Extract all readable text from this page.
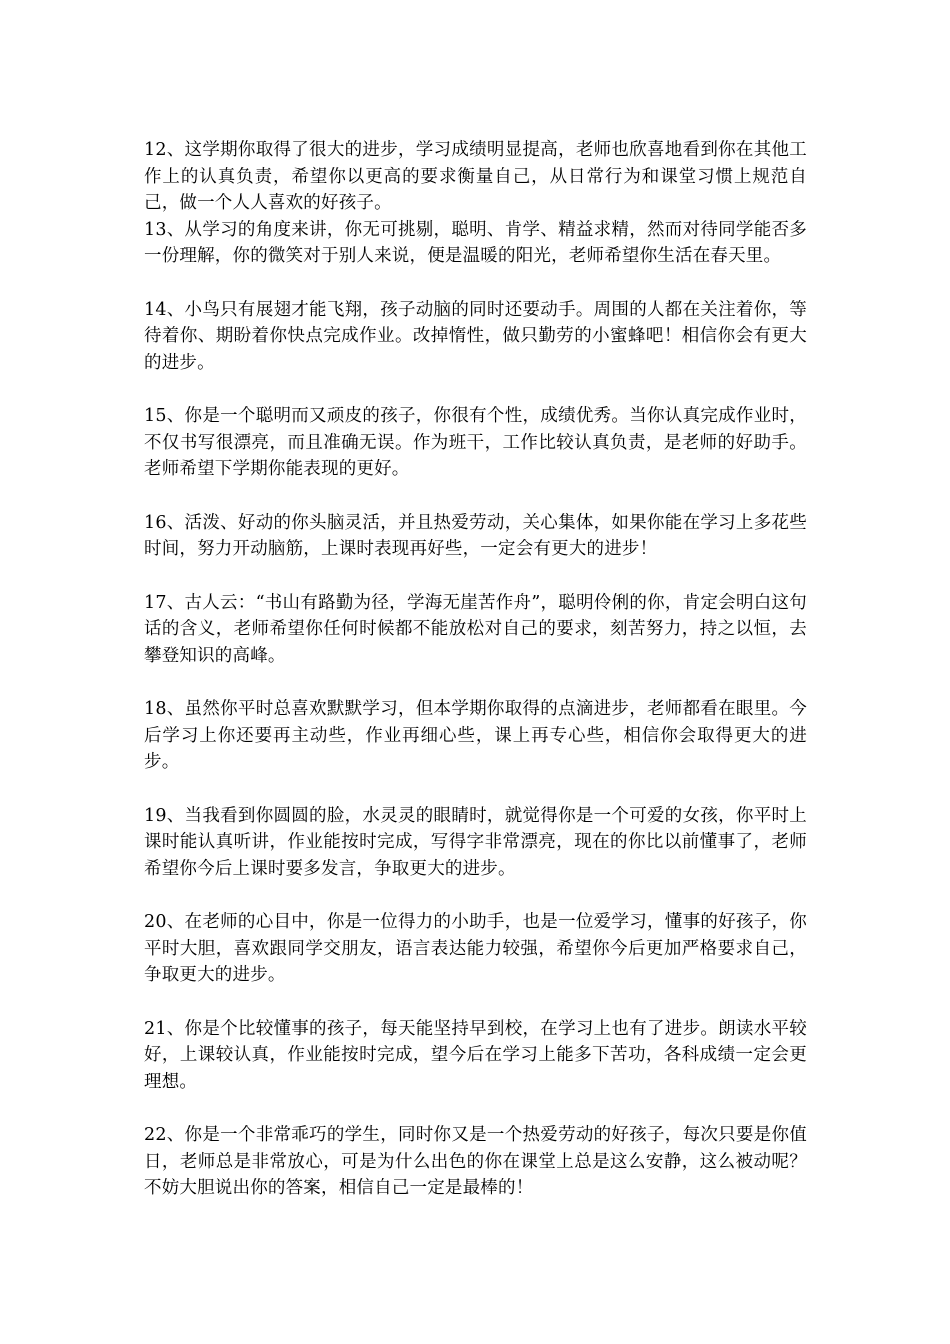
12、这学期你取得了很大的进步，学习成绩明显提高，老师也欣喜地看到你在其他工作上的认真负责，希望你以更高的要求衡量自己，从日常行为和课堂习惯上规范自己，做一个人人喜欢的好孩子。

13、从学习的角度来讲，你无可挑剔，聪明、肯学、精益求精，然而对待同学能否多一份理解，你的微笑对于别人来说，便是温暖的阳光，老师希望你生活在春天里。

14、小鸟只有展翅才能飞翔，孩子动脑的同时还要动手。周围的人都在关注着你，等待着你、期盼着你快点完成作业。改掉惰性，做只勤劳的小蜜蜂吧！相信你会有更大的进步。

15、你是一个聪明而又顽皮的孩子，你很有个性，成绩优秀。当你认真完成作业时，不仅书写很漂亮，而且准确无误。作为班干，工作比较认真负责，是老师的好助手。老师希望下学期你能表现的更好。

16、活泼、好动的你头脑灵活，并且热爱劳动，关心集体，如果你能在学习上多花些时间，努力开动脑筋，上课时表现再好些，一定会有更大的进步！

17、古人云：“书山有路勤为径，学海无崖苦作舟”，聪明伶俐的你，肯定会明白这句话的含义，老师希望你任何时候都不能放松对自己的要求，刻苦努力，持之以恒，去攀登知识的高峰。

18、虽然你平时总喜欢默默学习，但本学期你取得的点滴进步，老师都看在眼里。今后学习上你还要再主动些，作业再细心些，课上再专心些，相信你会取得更大的进步。

19、当我看到你圆圆的脸，水灵灵的眼睛时，就觉得你是一个可爱的女孩，你平时上课时能认真听讲，作业能按时完成，写得字非常漂亮，现在的你比以前懂事了，老师希望你今后上课时要多发言，争取更大的进步。

20、在老师的心目中，你是一位得力的小助手，也是一位爱学习，懂事的好孩子，你平时大胆，喜欢跟同学交朋友，语言表达能力较强，希望你今后更加严格要求自己，争取更大的进步。

21、你是个比较懂事的孩子，每天能坚持早到校，在学习上也有了进步。朗读水平较好，上课较认真，作业能按时完成，望今后在学习上能多下苦功，各科成绩一定会更理想。

22、你是一个非常乖巧的学生，同时你又是一个热爱劳动的好孩子，每次只要是你值日，老师总是非常放心，可是为什么出色的你在课堂上总是这么安静，这么被动呢？不妨大胆说出你的答案，相信自己一定是最棒的！
